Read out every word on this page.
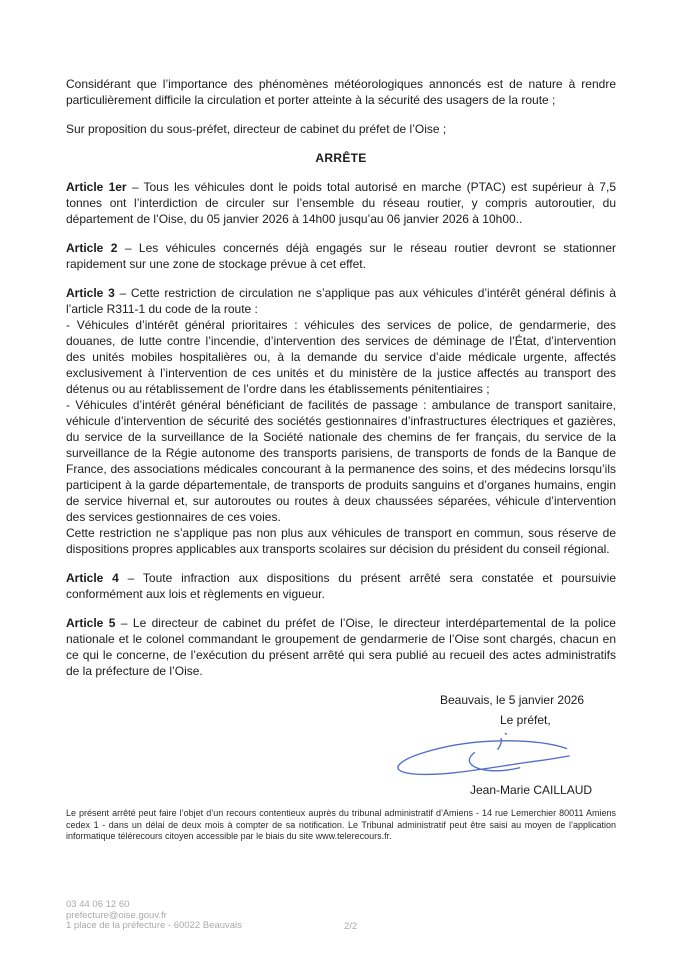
Considérant que l’importance des phénomènes météorologiques annoncés est de nature à rendre particulièrement difficile la circulation et porter atteinte à la sécurité des usagers de la route ;

Sur proposition du sous-préfet, directeur de cabinet du préfet de l’Oise ;

ARRÊTE

Article 1er – Tous les véhicules dont le poids total autorisé en marche (PTAC) est supérieur à 7,5 tonnes ont l’interdiction de circuler sur l’ensemble du réseau routier, y compris autoroutier, du département de l’Oise, du 05 janvier 2026 à 14h00 jusqu’au 06 janvier 2026 à 10h00..

Article 2 – Les véhicules concernés déjà engagés sur le réseau routier devront se stationner rapidement sur une zone de stockage prévue à cet effet.

Article 3 – Cette restriction de circulation ne s’applique pas aux véhicules d’intérêt général définis à l’article R311-1 du code de la route :

- Véhicules d’intérêt général prioritaires : véhicules des services de police, de gendarmerie, des douanes, de lutte contre l’incendie, d’intervention des services de déminage de l’État, d’intervention des unités mobiles hospitalières ou, à la demande du service d’aide médicale urgente, affectés exclusivement à l’intervention de ces unités et du ministère de la justice affectés au transport des détenus ou au rétablissement de l’ordre dans les établissements pénitentiaires ;

- Véhicules d’intérêt général bénéficiant de facilités de passage : ambulance de transport sanitaire, véhicule d’intervention de sécurité des sociétés gestionnaires d’infrastructures électriques et gazières, du service de la surveillance de la Société nationale des chemins de fer français, du service de la surveillance de la Régie autonome des transports parisiens, de transports de fonds de la Banque de France, des associations médicales concourant à la permanence des soins, et des médecins lorsqu’ils participent à la garde départementale, de transports de produits sanguins et d’organes humains, engin de service hivernal et, sur autoroutes ou routes à deux chaussées séparées, véhicule d’intervention des services gestionnaires de ces voies.

Cette restriction ne s’applique pas non plus aux véhicules de transport en commun, sous réserve de dispositions propres applicables aux transports scolaires sur décision du président du conseil régional.

Article 4 – Toute infraction aux dispositions du présent arrêté sera constatée et poursuivie conformément aux lois et règlements en vigueur.

Article 5 – Le directeur de cabinet du préfet de l’Oise, le directeur interdépartemental de la police nationale et le colonel commandant le groupement de gendarmerie de l’Oise sont chargés, chacun en ce qui le concerne, de l’exécution du présent arrêté qui sera publié au recueil des actes administratifs de la préfecture de l’Oise.

Beauvais, le 5 janvier 2026

Le préfet,

Jean-Marie CAILLAUD

Le présent arrêté peut faire l’objet d’un recours contentieux auprès du tribunal administratif d’Amiens - 14 rue Lemerchier 80011 Amiens cedex 1 - dans un délai de deux mois à compter de sa notification. Le Tribunal administratif peut être saisi au moyen de l’application informatique télérecours citoyen accessible par le biais du site www.telerecours.fr.

03 44 06 12 60
prefecture@oise.gouv.fr
1 place de la préfecture - 60022 Beauvais	2/2
